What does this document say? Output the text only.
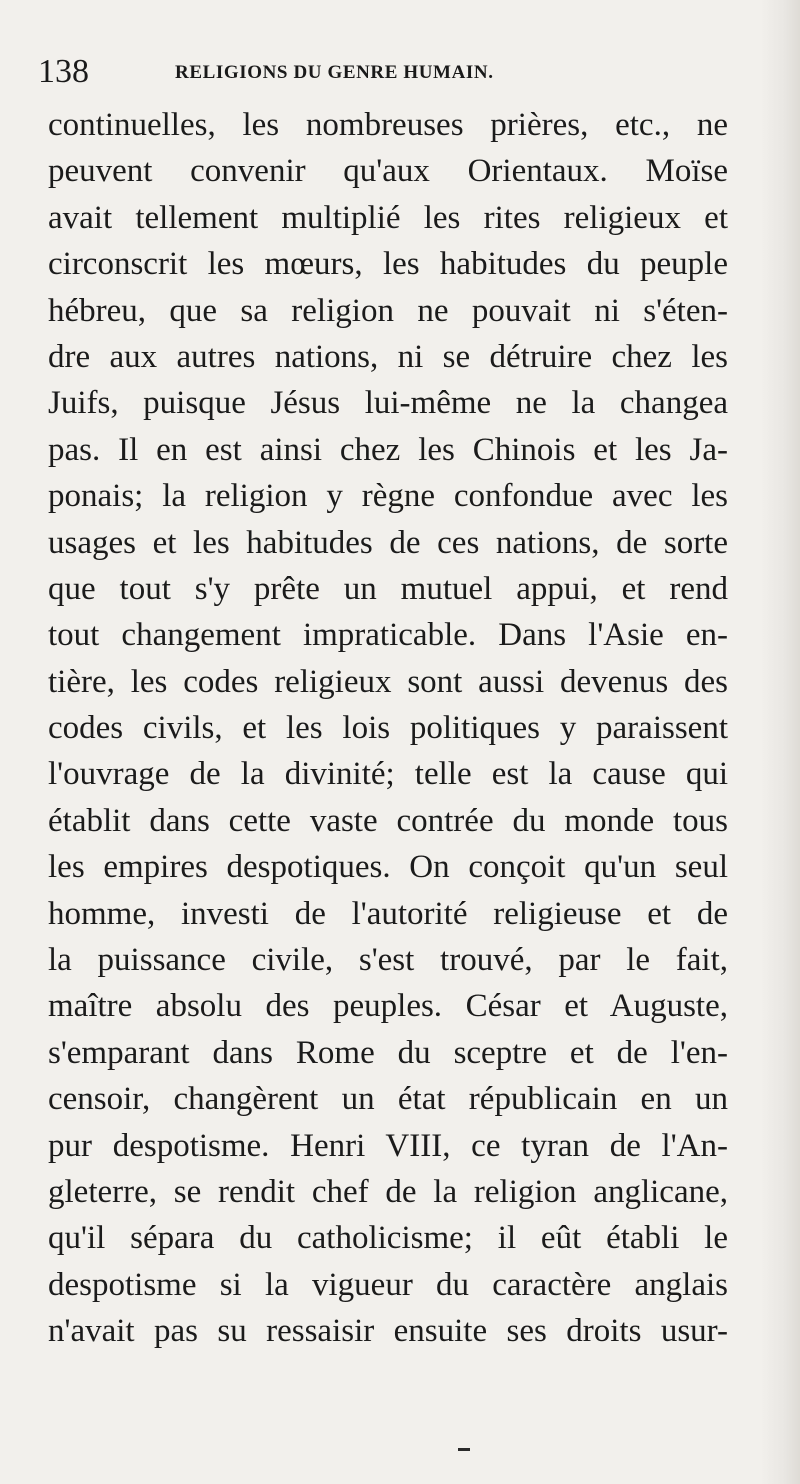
138	RELIGIONS DU GENRE HUMAIN.
continuelles, les nombreuses prières, etc., ne
peuvent convenir qu'aux Orientaux. Moïse
avait tellement multiplié les rites religieux et
circonscrit les mœurs, les habitudes du peuple
hébreu, que sa religion ne pouvait ni s'éten-
dre aux autres nations, ni se détruire chez les
Juifs, puisque Jésus lui-même ne la changea
pas. Il en est ainsi chez les Chinois et les Ja-
ponais; la religion y règne confondue avec les
usages et les habitudes de ces nations, de sorte
que tout s'y prête un mutuel appui, et rend
tout changement impraticable. Dans l'Asie en-
tière, les codes religieux sont aussi devenus des
codes civils, et les lois politiques y paraissent
l'ouvrage de la divinité; telle est la cause qui
établit dans cette vaste contrée du monde tous
les empires despotiques. On conçoit qu'un seul
homme, investi de l'autorité religieuse et de
la puissance civile, s'est trouvé, par le fait,
maître absolu des peuples. César et Auguste,
s'emparant dans Rome du sceptre et de l'en-
censoir, changèrent un état républicain en un
pur despotisme. Henri VIII, ce tyran de l'An-
gleterre, se rendit chef de la religion anglicane,
qu'il sépara du catholicisme; il eût établi le
despotisme si la vigueur du caractère anglais
n'avait pas su ressaisir ensuite ses droits usur-
